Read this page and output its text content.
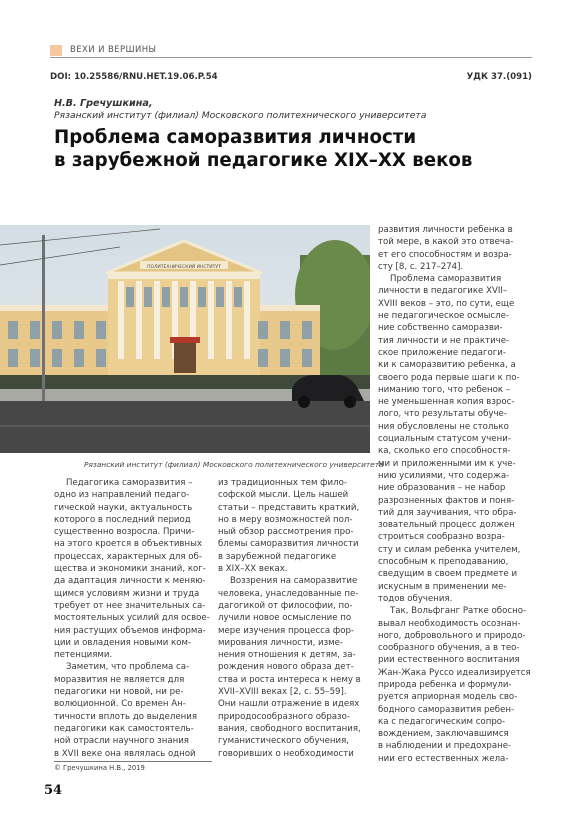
ВЕХИ И ВЕРШИНЫ
DOI: 10.25586/RNU.HET.19.06.P.54	УДК 37.(091)
Н.В. Гречушкина,
Рязанский институт (филиал) Московского политехнического университета
Проблема саморазвития личности
в зарубежной педагогике XIX–XX веков
ПОЛИТЕХНИЧЕСКИЙ ИНСТИТУТ
Рязанский институт (филиал) Московского политехнического университета
Педагогика саморазвития –
одно из направлений педаго-
гической науки, актуальность
которого в последний период
существенно возросла. Причи-
на этого кроется в объективных
процессах, характерных для об-
щества и экономики знаний, ког-
да адаптация личности к меняю-
щимся условиям жизни и труда
требует от нее значительных са-
мостоятельных усилий для освое-
ния растущих объемов информа-
ции и овладения новыми ком-
петенциями.
Заметим, что проблема са-
моразвития не является для
педагогики ни новой, ни ре-
волюционной. Со времен Ан-
тичности вплоть до выделения
педагогики как самостоятель-
ной отрасли научного знания
в XVII веке она являлась одной
из традиционных тем фило-
софской мысли. Цель нашей
статьи – представить краткий,
но в меру возможностей пол-
ный обзор рассмотрения про-
блемы саморазвития личности
в зарубежной педагогике
в XIX–XX веках.
Воззрения на саморазвитие
человека, унаследованные пе-
дагогикой от философии, по-
лучили новое осмысление по
мере изучения процесса фор-
мирования личности, изме-
нения отношения к детям, за-
рождения нового образа дет-
ства и роста интереса к нему в
XVII–XVIII веках [2, с. 55–59].
Они нашли отражение в идеях
природосообразного образо-
вания, свободного воспитания,
гуманистического обучения,
говоривших о необходимости
развития личности ребенка в
той мере, в какой это отвеча-
ет его способностям и возра-
сту [8, с. 217–274].
Проблема саморазвития
личности в педагогике XVII–
XVIII веков – это, по сути, еще
не педагогическое осмысле-
ние собственно саморазви-
тия личности и не практиче-
ское приложение педагоги-
ки к саморазвитию ребенка, а
своего рода первые шаги к по-
ниманию того, что ребенок –
не уменьшенная копия взрос-
лого, что результаты обуче-
ния обусловлены не столько
социальным статусом учени-
ка, сколько его способностя-
ми и приложенными им к уче-
нию усилиями, что содержа-
ние образования – не набор
разрозненных фактов и поня-
тий для заучивания, что обра-
зовательный процесс должен
строиться сообразно возра-
сту и силам ребенка учителем,
способным к преподаванию,
сведущим в своем предмете и
искусным в применении ме-
тодов обучения.
Так, Вольфганг Ратке обосно-
вывал необходимость осознан-
ного, добровольного и природо-
сообразного обучения, а в тео-
рии естественного воспитания
Жан-Жака Руссо идеализируется
природа ребенка и формули-
руется априорная модель сво-
бодного саморазвития ребен-
ка с педагогическим сопро-
вождением, заключавшимся
в наблюдении и предохране-
нии его естественных жела-
© Гречушкина Н.В., 2019
54
